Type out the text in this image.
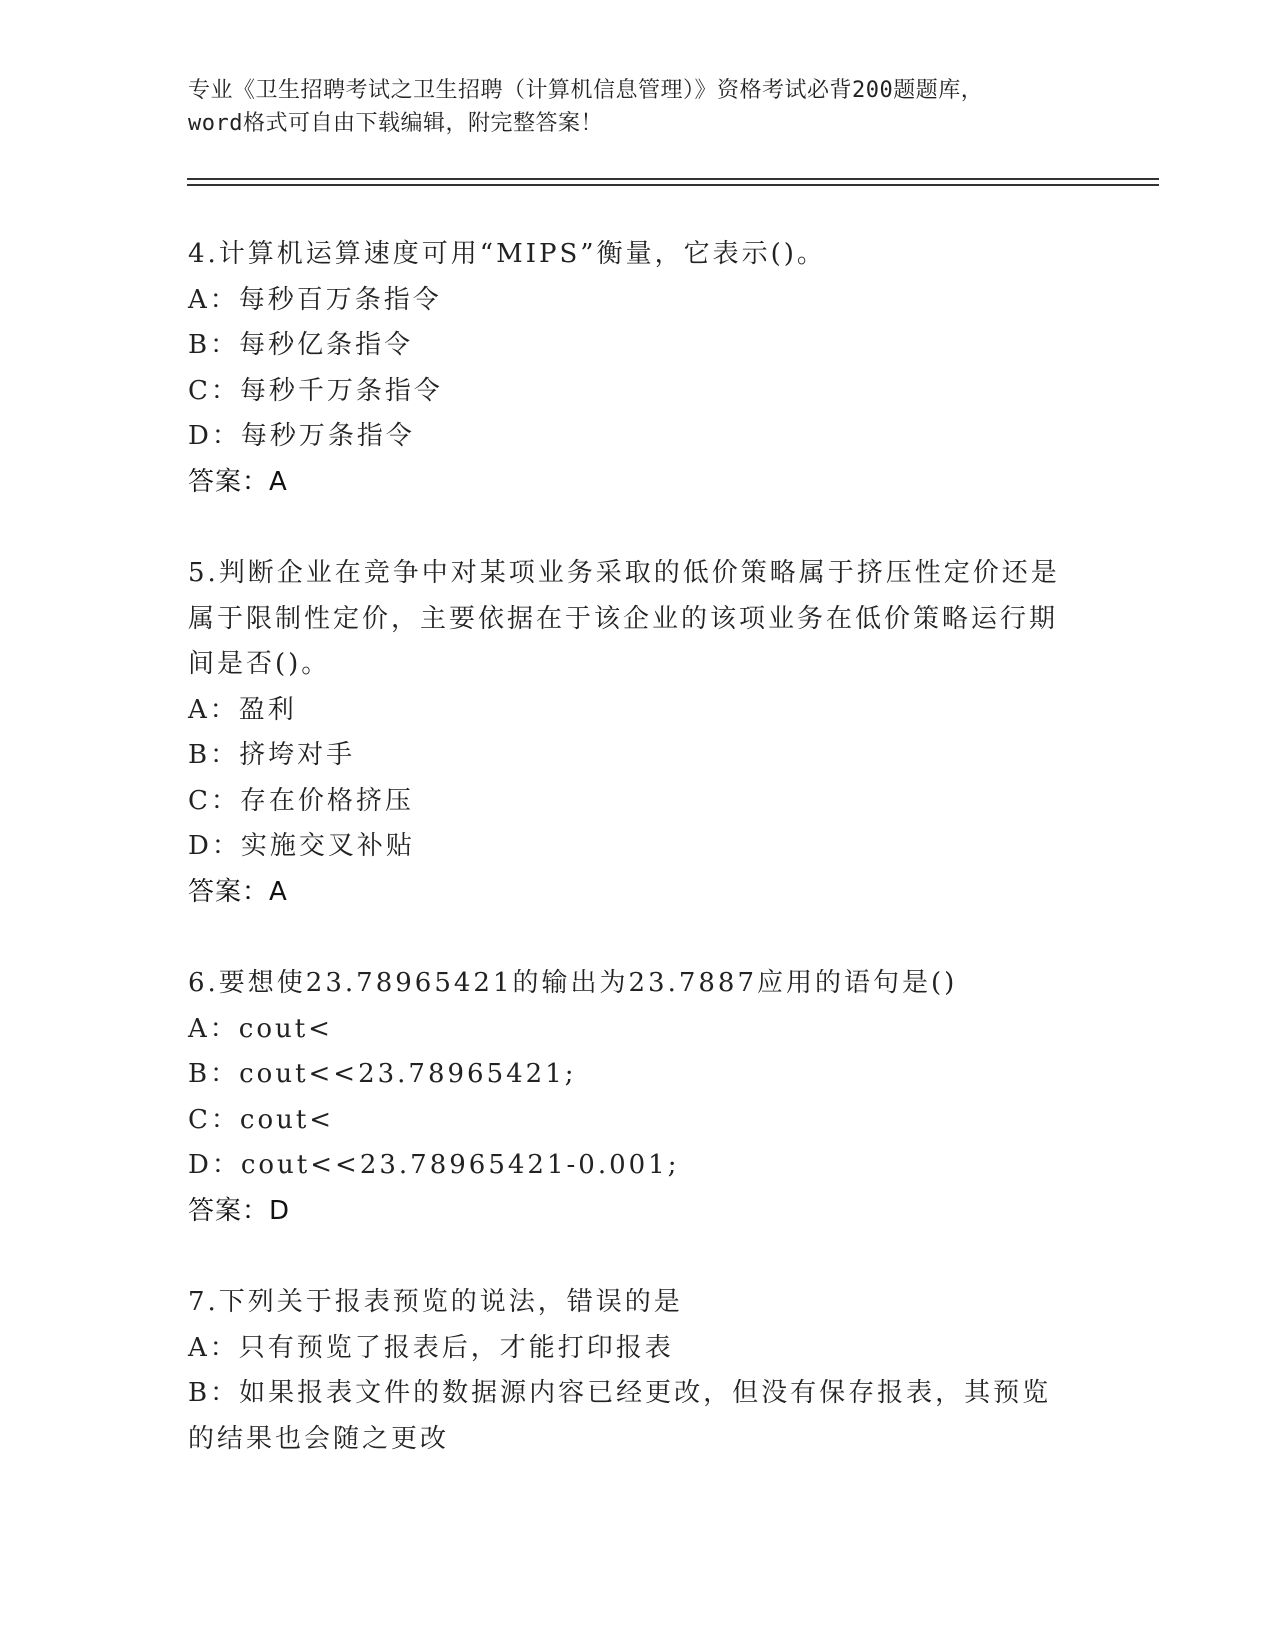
专业《卫生招聘考试之卫生招聘（计算机信息管理）》资格考试必背200题题库，
word格式可自由下载编辑，附完整答案！
4.计算机运算速度可用“MIPS”衡量，它表示()。
A：每秒百万条指令
B：每秒亿条指令
C：每秒千万条指令
D：每秒万条指令
答案：A
5.判断企业在竞争中对某项业务采取的低价策略属于挤压性定价还是属于限制性定价，主要依据在于该企业的该项业务在低价策略运行期间是否()。
A：盈利
B：挤垮对手
C：存在价格挤压
D：实施交叉补贴
答案：A
6.要想使23.78965421的输出为23.7887应用的语句是()
A：cout<
B：cout<<23.78965421;
C：cout<
D：cout<<23.78965421-0.001;
答案：D
7.下列关于报表预览的说法，错误的是
A：只有预览了报表后，才能打印报表
B：如果报表文件的数据源内容已经更改，但没有保存报表，其预览的结果也会随之更改
